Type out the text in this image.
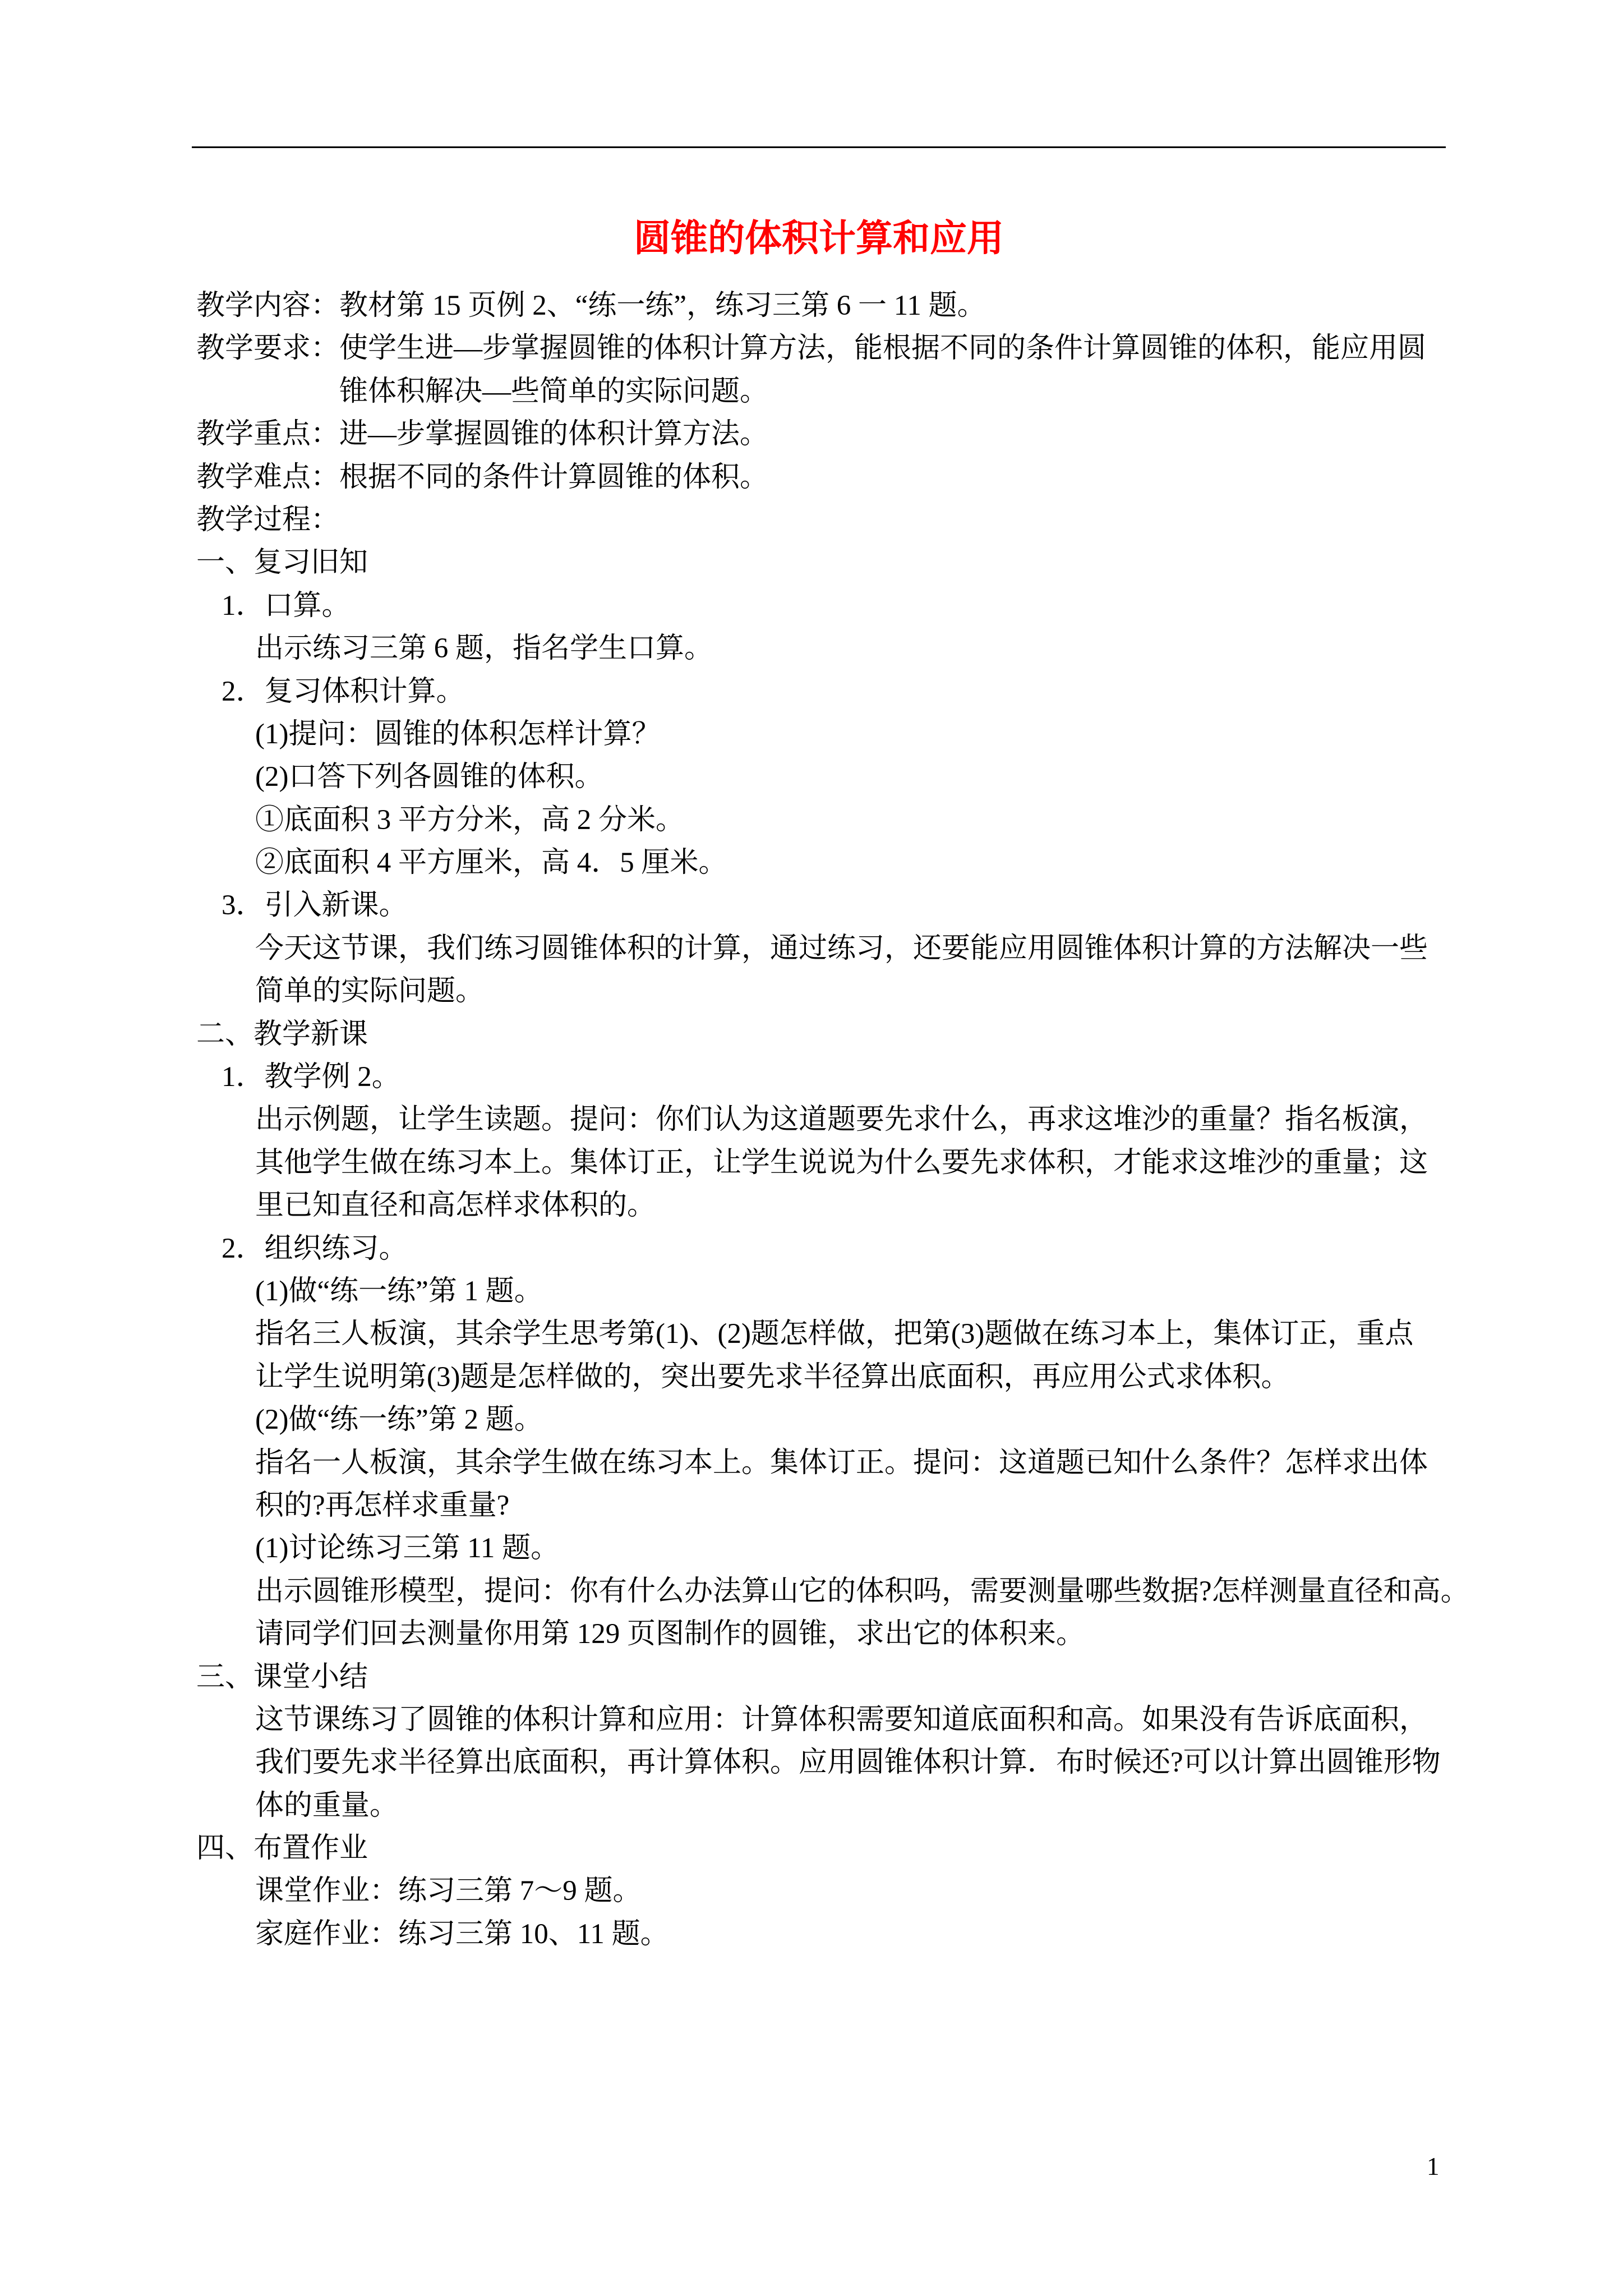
圆锥的体积计算和应用
教学内容：教材第 15 页例 2、“练一练”，练习三第 6 一 11 题。
教学要求：使学生进—步掌握圆锥的体积计算方法，能根据不同的条件计算圆锥的体积，能应用圆
锥体积解决—些简单的实际问题。
教学重点：进—步掌握圆锥的体积计算方法。
教学难点：根据不同的条件计算圆锥的体积。
教学过程：
一、复习旧知
1．口算。
出示练习三第 6 题，指名学生口算。
2．复习体积计算。
(1)提问：圆锥的体积怎样计算？
(2)口答下列各圆锥的体积。
①底面积 3 平方分米，高 2 分米。
②底面积 4 平方厘米，高 4．5 厘米。
3．引入新课。
今天这节课，我们练习圆锥体积的计算，通过练习，还要能应用圆锥体积计算的方法解决一些
简单的实际问题。
二、教学新课
1．教学例 2。
出示例题，让学生读题。提问：你们认为这道题要先求什么，再求这堆沙的重量？指名板演，
其他学生做在练习本上。集体订正，让学生说说为什么要先求体积，才能求这堆沙的重量；这
里已知直径和高怎样求体积的。
2．组织练习。
(1)做“练一练”第 1 题。
指名三人板演，其余学生思考第(1)、(2)题怎样做，把第(3)题做在练习本上，集体订正，重点
让学生说明第(3)题是怎样做的，突出要先求半径算出底面积，再应用公式求体积。
(2)做“练一练”第 2 题。
指名一人板演，其余学生做在练习本上。集体订正。提问：这道题已知什么条件？怎样求出体
积的?再怎样求重量?
(1)讨论练习三第 11 题。
出示圆锥形模型，提问：你有什么办法算山它的体积吗，需要测量哪些数据?怎样测量直径和高。
请同学们回去测量你用第 129 页图制作的圆锥，求出它的体积来。
三、课堂小结
这节课练习了圆锥的体积计算和应用：计算体积需要知道底面积和高。如果没有告诉底面积，
我们要先求半径算出底面积，再计算体积。应用圆锥体积计算．布时候还?可以计算出圆锥形物
体的重量。
四、布置作业
课堂作业：练习三第 7～9 题。
家庭作业：练习三第 10、11 题。
1
